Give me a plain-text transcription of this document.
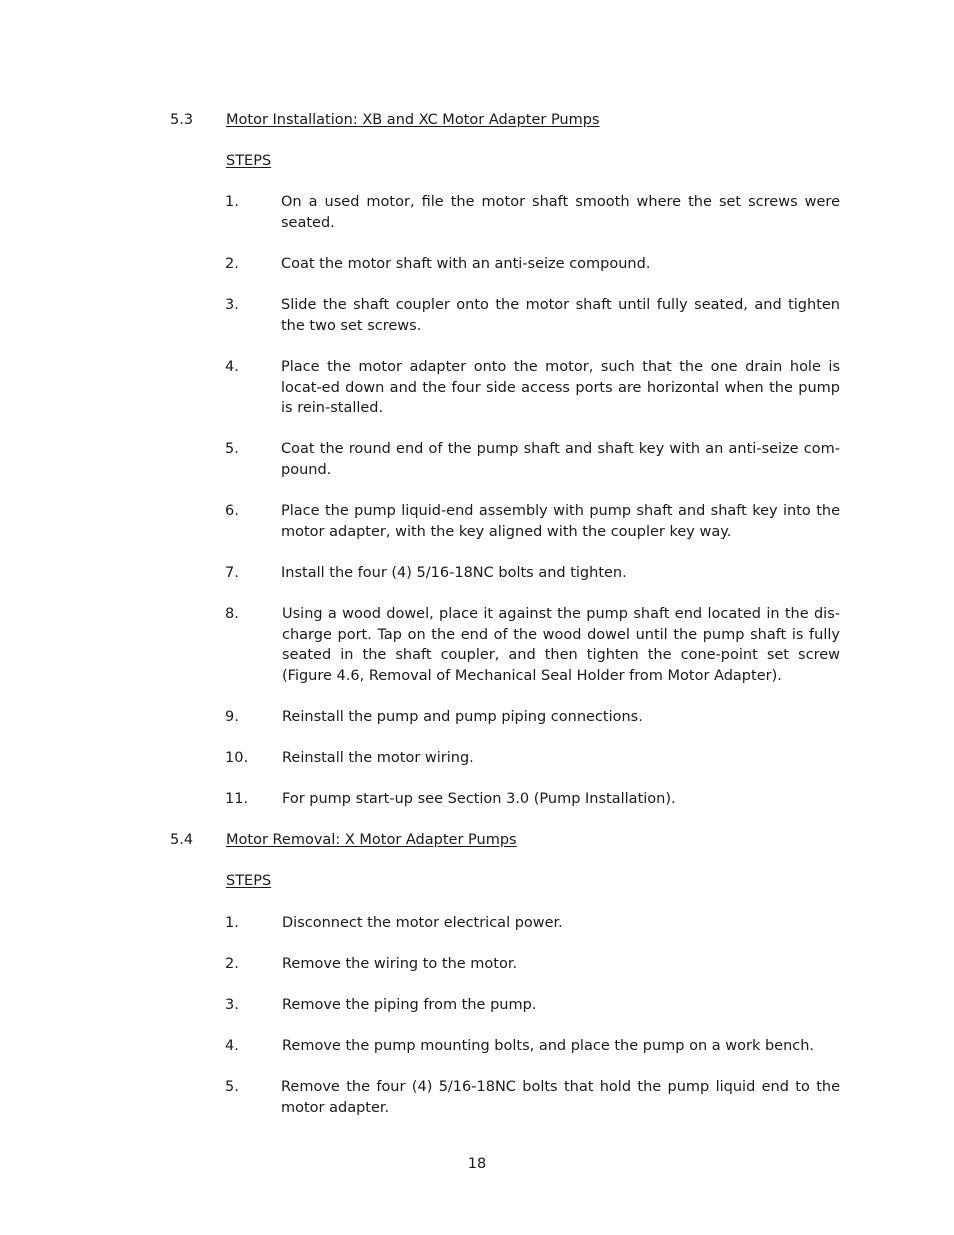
5.3 Motor Installation: XB and XC Motor Adapter Pumps
STEPS
1.	On a used motor, file the motor shaft smooth where the set screws were seated.
2.	Coat the motor shaft with an anti-seize compound.
3.	Slide the shaft coupler onto the motor shaft until fully seated, and tighten the two set screws.
4.	Place the motor adapter onto the motor, such that the one drain hole is locat-ed down and the four side access ports are horizontal when the pump is rein-stalled.
5.	Coat the round end of the pump shaft and shaft key with an anti-seize com-pound.
6.	Place the pump liquid-end assembly with pump shaft and shaft key into the motor adapter, with the key aligned with the coupler key way.
7.	Install the four (4) 5/16-18NC bolts and tighten.
8.	Using a wood dowel, place it against the pump shaft end located in the dis-charge port. Tap on the end of the wood dowel until the pump shaft is fully seated in the shaft coupler, and then tighten the cone-point set screw (Figure 4.6, Removal of Mechanical Seal Holder from Motor Adapter).
9.	Reinstall the pump and pump piping connections.
10. Reinstall the motor wiring.
11. For pump start-up see Section 3.0 (Pump Installation).
5.4 Motor Removal: X Motor Adapter Pumps
STEPS
1.	Disconnect the motor electrical power.
2.	Remove the wiring to the motor.
3.	Remove the piping from the pump.
4.	Remove the pump mounting bolts, and place the pump on a work bench.
5.	Remove the four (4) 5/16-18NC bolts that hold the pump liquid end to the motor adapter.
18
